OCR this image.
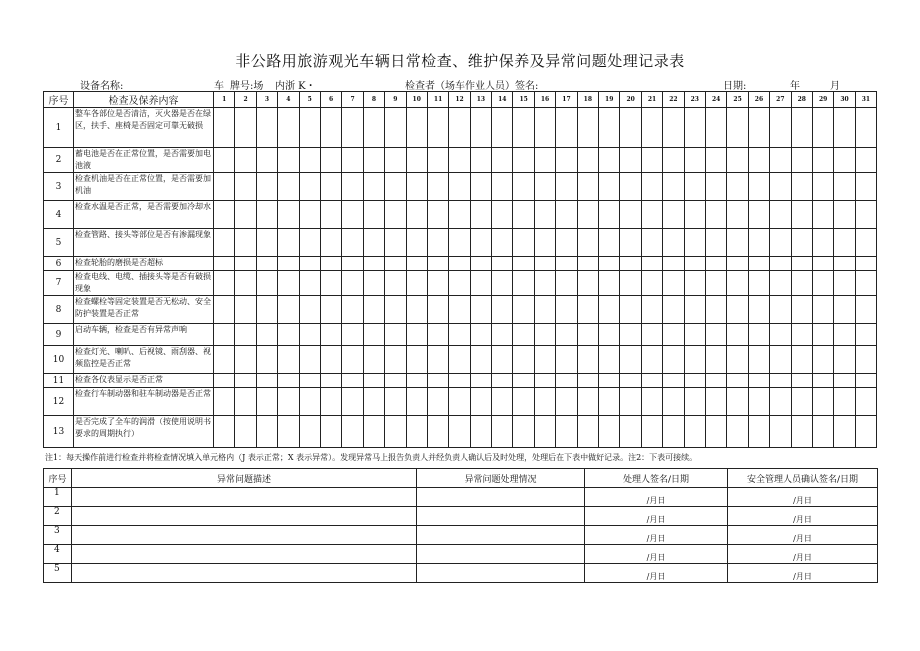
非公路用旅游观光车辆日常检查、维护保养及异常问题处理记录表
设备名称:	车 牌号:场 内浙 K・	检查者（场车作业人员）签名:	日期:	年	月
序号	检查及保养内容	1	2	3	4	5	6	7	8	9	10	11	12	13	14	15	16	17	18	19	20	21	22	23	24	25	26	27	28	29	30	31
1	整车各部位是否清洁，灭火器是否在绿区，扶手、座椅是否固定可靠无破损																															
2	蓄电池是否在正常位置，是否需要加电池液																															
3	检查机油是否在正常位置，是否需要加机油																															
4	检查水温是否正常，是否需要加冷却水																															
5	检查管路、接头等部位是否有渗漏现象																															
6	检查轮胎的磨损是否超标																															
7	检查电线、电缆、插接头等是否有破损现象																															
8	检查螺栓等固定装置是否无松动、安全防护装置是否正常																															
9	启动车辆，检查是否有异常声响																															
10	检查灯光、喇叭、后视镜、雨刮器、视频监控是否正常																															
11	检查各仪表显示是否正常																															
12	检查行车制动器和驻车制动器是否正常																															
13	是否完成了全车的润滑（按使用说明书要求的周期执行）																															
注1：每天操作前进行检查并将检查情况填入单元格内（J 表示正常；X 表示异常）。发现异常马上报告负责人并经负责人确认后及时处理，处理后在下表中做好记录。注2：下表可接续。
序号	异常问题描述	异常问题处理情况	处理人签名/日期	安全管理人员确认签名/日期
1			/月日	/月日
2			/月日	/月日
3			/月日	/月日
4			/月日	/月日
5			/月日	/月日
